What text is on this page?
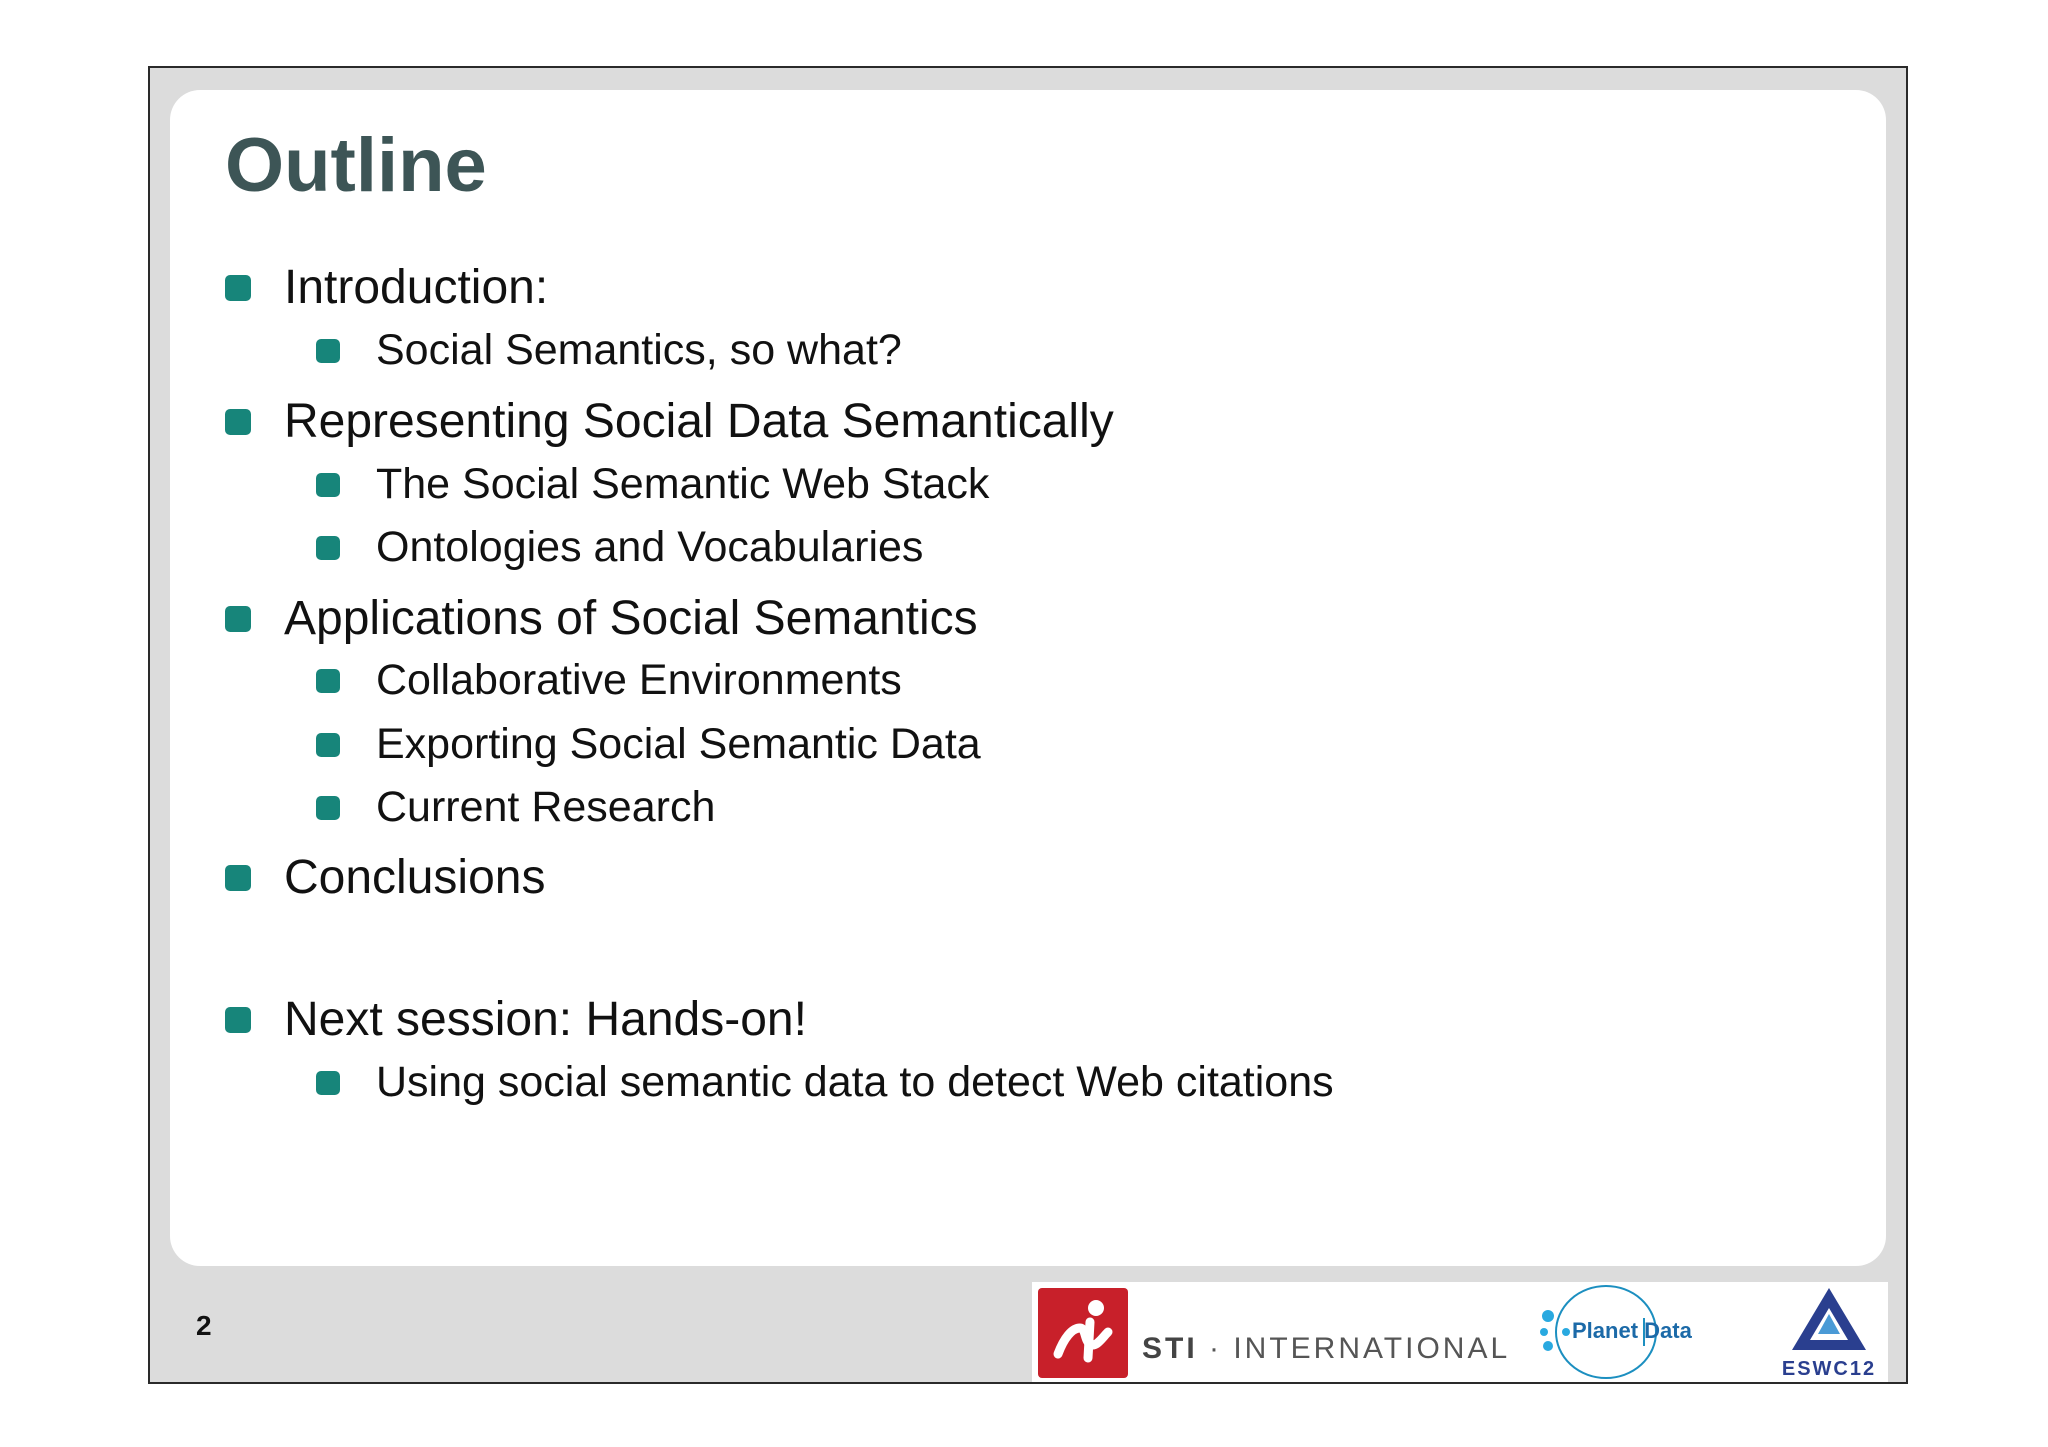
Outline
Introduction:
Social Semantics, so what?
Representing Social Data Semantically
The Social Semantic Web Stack
Ontologies and Vocabularies
Applications of Social Semantics
Collaborative Environments
Exporting Social Semantic Data
Current Research
Conclusions
Next session: Hands-on!
Using social semantic data to detect Web citations
2
STI · INTERNATIONAL
Planet Data
ESWC12
